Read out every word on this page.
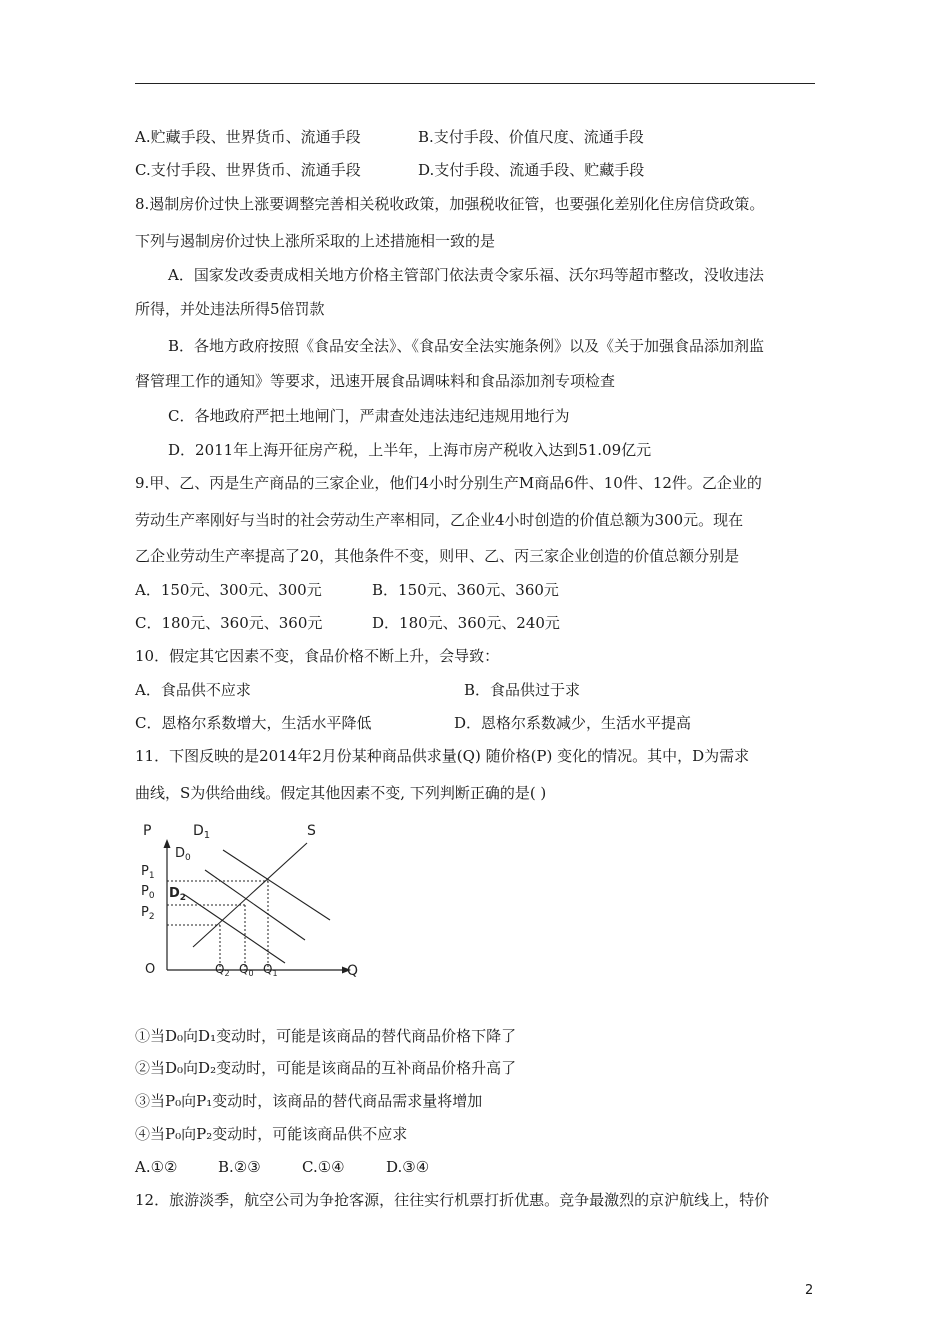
A.贮藏手段、世界货币、流通手段	B.支付手段、价值尺度、流通手段
C.支付手段、世界货币、流通手段	D.支付手段、流通手段、贮藏手段
8.遏制房价过快上涨要调整完善相关税收政策，加强税收征管，也要强化差别化住房信贷政策。
下列与遏制房价过快上涨所采取的上述措施相一致的是
A．国家发改委责成相关地方价格主管部门依法责令家乐福、沃尔玛等超市整改，没收违法
所得，并处违法所得5倍罚款
B．各地方政府按照《食品安全法》、《食品安全法实施条例》以及《关于加强食品添加剂监
督管理工作的通知》等要求，迅速开展食品调味料和食品添加剂专项检查
C．各地政府严把土地闸门，严肃查处违法违纪违规用地行为
D．2011年上海开征房产税，上半年，上海市房产税收入达到51.09亿元
9.甲、乙、丙是生产商品的三家企业，他们4小时分别生产M商品6件、10件、12件。乙企业的
劳动生产率刚好与当时的社会劳动生产率相同，乙企业4小时创造的价值总额为300元。现在
乙企业劳动生产率提高了20，其他条件不变，则甲、乙、丙三家企业创造的价值总额分别是
A．150元、300元、300元	B．150元、360元、360元
C．180元、360元、360元	D．180元、360元、240元
10．假定其它因素不变，食品价格不断上升，会导致：
A．食品供不应求	B．食品供过于求
C．恩格尔系数增大，生活水平降低	D．恩格尔系数减少，生活水平提高
11．下图反映的是2014年2月份某种商品供求量(Q) 随价格(P) 变化的情况。其中，D为需求
曲线，S为供给曲线。假定其他因素不变, 下列判断正确的是( )
P	$D_1$	S
$D_0$
$P_1$
$P_0$ $D_2$
$P_2$
O	$Q_2$ $Q_0$ $Q_1$	Q
①当D₀向D₁变动时，可能是该商品的替代商品价格下降了
②当D₀向D₂变动时，可能是该商品的互补商品价格升高了
③当P₀向P₁变动时，该商品的替代商品需求量将增加
④当P₀向P₂变动时，可能该商品供不应求
A.①②	B.②③	C.①④	D.③④
12．旅游淡季，航空公司为争抢客源，往往实行机票打折优惠。竞争最激烈的京沪航线上，特价
2
